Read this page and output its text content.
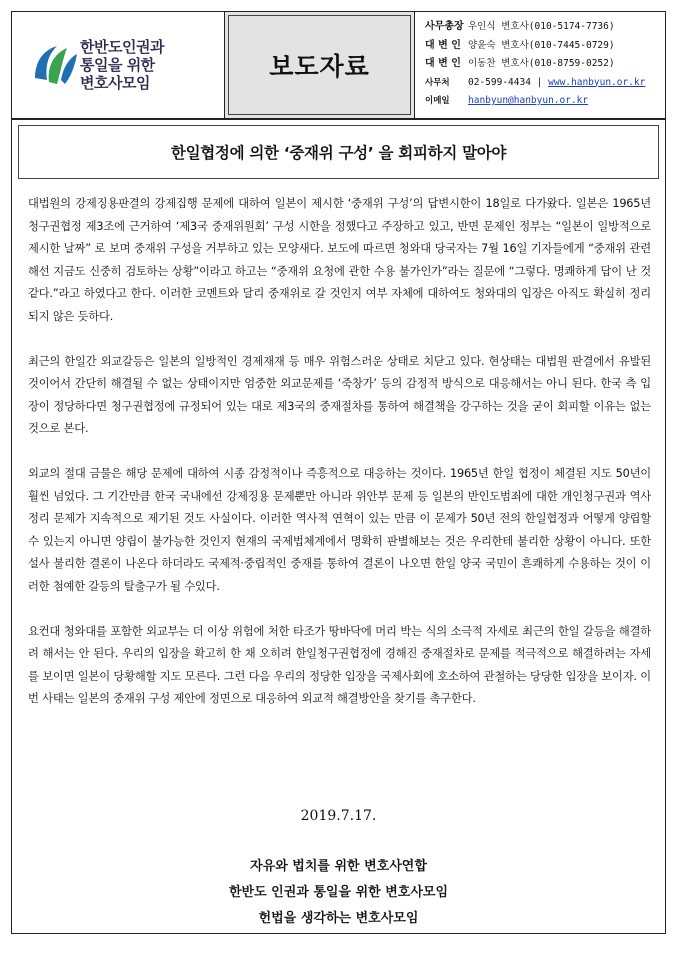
한반도인권과
통일을 위한
변호사모임
보도자료
사무총장 우인식 변호사(010-5174-7736)
대 변 인 양윤숙 변호사(010-7445-0729)
대 변 인 이동찬 변호사(010-8759-0252)
사무처 02-599-4434 | www.hanbyun.or.kr
이메일 hanbyun@hanbyun.or.kr
한일협정에 의한 ‘중재위 구성’ 을 회피하지 말아야

대법원의 강제징용판결의 강제집행 문제에 대하여 일본이 제시한 ‘중재위 구성’의 답변시한이 18일로 다가왔다. 일본은 1965년 청구권협정 제3조에 근거하여 ‘제3국 중재위원회’ 구성 시한을 정했다고 주장하고 있고, 반면 문제인 정부는 “일본이 일방적으로 제시한 날짜” 로 보며 중재위 구성을 거부하고 있는 모양새다. 보도에 따르면 청와대 당국자는 7월 16일 기자들에게 “중재위 관련해선 지금도 신중히 검토하는 상황”이라고 하고는 “중재위 요청에 관한 수용 불가인가”라는 질문에 “그렇다. 명쾌하게 답이 난 것 같다.”라고 하였다고 한다. 이러한 코멘트와 달리 중재위로 갈 것인지 여부 자체에 대하여도 청와대의 입장은 아직도 확실히 정리되지 않은 듯하다.

최근의 한일간 외교갈등은 일본의 일방적인 경제재재 등 매우 위험스러운 상태로 치닫고 있다. 현상태는 대법원 판결에서 유발된 것이어서 간단히 해결될 수 없는 상태이지만 엄중한 외교문제를 ‘죽창가’ 등의 감정적 방식으로 대응해서는 아니 된다. 한국 측 입장이 정당하다면 청구권협정에 규정되어 있는 대로 제3국의 중재절차를 통하여 해결책을 강구하는 것을 굳이 회피할 이유는 없는 것으로 본다.

외교의 절대 금물은 해당 문제에 대하여 시종 감정적이나 즉흥적으로 대응하는 것이다. 1965년 한일 협정이 체결된 지도 50년이 훨씬 넘었다. 그 기간만큼 한국 국내에선 강제징용 문제뿐만 아니라 위안부 문제 등 일본의 반인도범죄에 대한 개인청구권과 역사정리 문제가 지속적으로 제기된 것도 사실이다. 이러한 역사적 연혁이 있는 만큼 이 문제가 50년 전의 한일협정과 어떻게 양립할 수 있는지 아니면 양립이 불가능한 것인지 현재의 국제법체계에서 명확히 판별해보는 것은 우리한테 불리한 상황이 아니다. 또한 설사 불리한 결론이 나온다 하더라도 국제적·중립적인 중재를 통하여 결론이 나오면 한일 양국 국민이 흔쾌하게 수용하는 것이 이러한 첨예한 갈등의 탈출구가 될 수있다.

요컨대 청와대를 포함한 외교부는 더 이상 위험에 처한 타조가 땅바닥에 머리 박는 식의 소극적 자세로 최근의 한일 갈등을 해결하려 해서는 안 된다. 우리의 입장을 확고히 한 채 오히려 한일청구권협정에 경해진 중재절차로 문제를 적극적으로 해결하려는 자세를 보이면 일본이 당황해할 지도 모른다. 그런 다음 우리의 정당한 입장을 국제사회에 호소하여 관철하는 당당한 입장을 보이자. 이번 사태는 일본의 중재위 구성 제안에 정면으로 대응하여 외교적 해결방안을 찾기를 촉구한다.

2019.7.17.
자유와 법치를 위한 변호사연합
한반도 인권과 통일을 위한 변호사모임
헌법을 생각하는 변호사모임
